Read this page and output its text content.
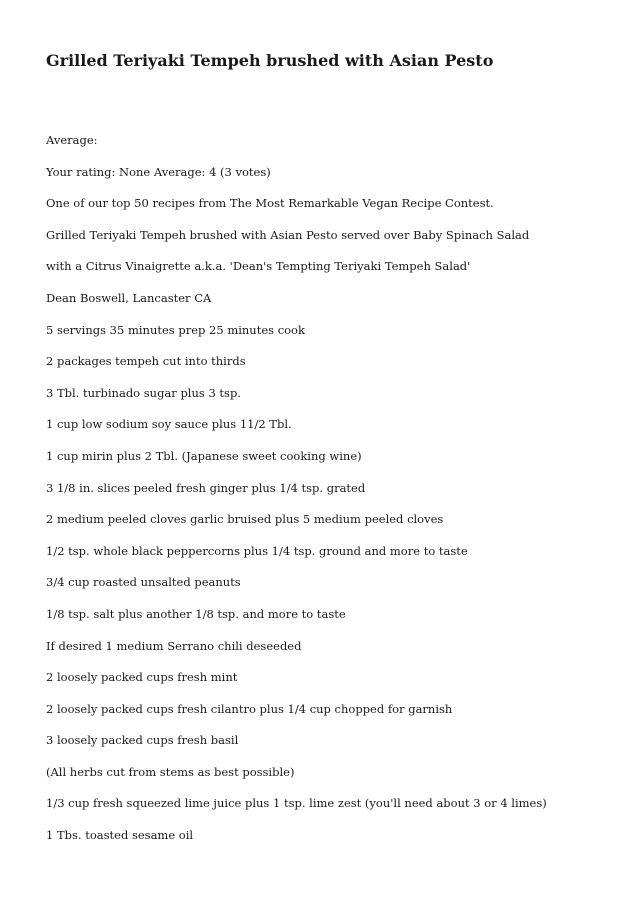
Grilled Teriyaki Tempeh brushed with Asian Pesto
Average:
Your rating: None Average: 4 (3 votes)
One of our top 50 recipes from The Most Remarkable Vegan Recipe Contest.
Grilled Teriyaki Tempeh brushed with Asian Pesto served over Baby Spinach Salad
with a Citrus Vinaigrette a.k.a. 'Dean's Tempting Teriyaki Tempeh Salad'
Dean Boswell, Lancaster CA
5 servings 35 minutes prep 25 minutes cook
2 packages tempeh cut into thirds
3 Tbl. turbinado sugar plus 3 tsp.
1 cup low sodium soy sauce plus 11/2 Tbl.
1 cup mirin plus 2 Tbl. (Japanese sweet cooking wine)
3 1/8 in. slices peeled fresh ginger plus 1/4 tsp. grated
2 medium peeled cloves garlic bruised plus 5 medium peeled cloves
1/2 tsp. whole black peppercorns plus 1/4 tsp. ground and more to taste
3/4 cup roasted unsalted peanuts
1/8 tsp. salt plus another 1/8 tsp. and more to taste
If desired 1 medium Serrano chili deseeded
2 loosely packed cups fresh mint
2 loosely packed cups fresh cilantro plus 1/4 cup chopped for garnish
3 loosely packed cups fresh basil
(All herbs cut from stems as best possible)
1/3 cup fresh squeezed lime juice plus 1 tsp. lime zest (you'll need about 3 or 4 limes)
1 Tbs. toasted sesame oil
